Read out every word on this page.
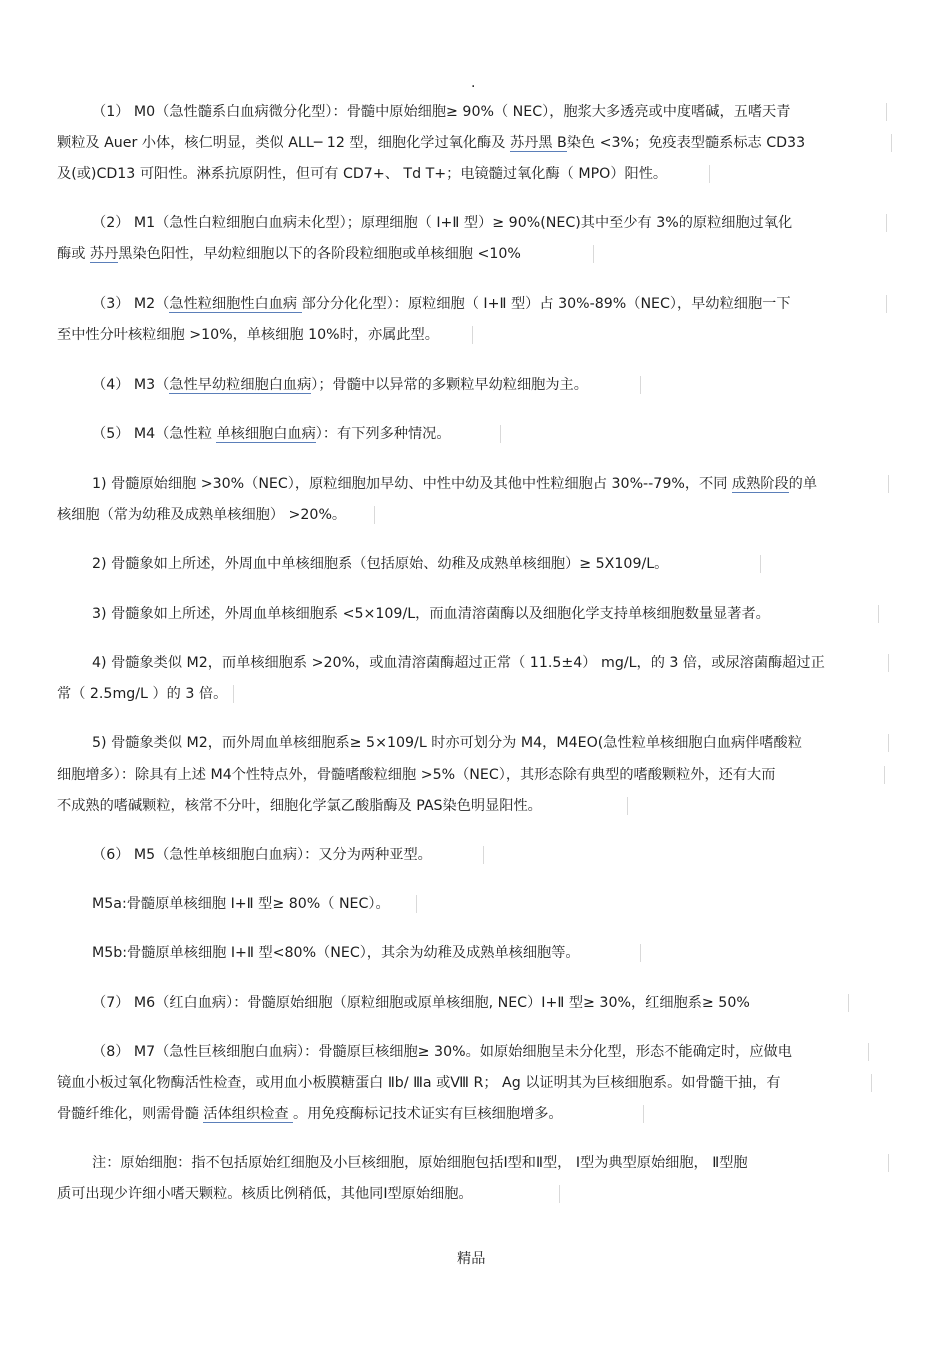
.
（1） M0（急性髓系白血病微分化型）：骨髓中原始细胞≥ 90%（ NEC），胞浆大多透亮或中度嗜碱，五嗜天青
颗粒及 Auer 小体，核仁明显，类似 ALL─ 12 型，细胞化学过氧化酶及 苏丹黑 B染色 <3%；免疫表型髓系标志 CD33
及(或)CD13 可阳性。淋系抗原阴性，但可有 CD7+、 Td T+；电镜髓过氧化酶（ MPO）阳性。
（2） M1（急性白粒细胞白血病未化型）；原理细胞（ Ⅰ+Ⅱ 型）≥ 90%(NEC)其中至少有 3%的原粒细胞过氧化
酶或 苏丹黑染色阳性，早幼粒细胞以下的各阶段粒细胞或单核细胞 <10%
（3） M2（急性粒细胞性白血病 部分分化化型）：原粒细胞（ Ⅰ+Ⅱ 型）占 30%-89%（NEC），早幼粒细胞一下
至中性分叶核粒细胞 >10%，单核细胞 10%时，亦属此型。
（4） M3（急性早幼粒细胞白血病）；骨髓中以异常的多颗粒早幼粒细胞为主。
（5） M4（急性粒 单核细胞白血病）：有下列多种情况。
1) 骨髓原始细胞 >30%（NEC），原粒细胞加早幼、中性中幼及其他中性粒细胞占 30%--79%，不同 成熟阶段的单
核细胞（常为幼稚及成熟单核细胞） >20%。
2) 骨髓象如上所述，外周血中单核细胞系（包括原始、幼稚及成熟单核细胞）≥ 5X109/L。
3) 骨髓象如上所述，外周血单核细胞系 <5×109/L，而血清溶菌酶以及细胞化学支持单核细胞数量显著者。
4) 骨髓象类似 M2，而单核细胞系 >20%，或血清溶菌酶超过正常（ 11.5±4） mg/L，的 3 倍，或尿溶菌酶超过正
常（ 2.5mg/L ）的 3 倍。
5) 骨髓象类似 M2，而外周血单核细胞系≥ 5×109/L 时亦可划分为 M4，M4EO(急性粒单核细胞白血病伴嗜酸粒
细胞增多）：除具有上述 M4个性特点外，骨髓嗜酸粒细胞 >5%（NEC），其形态除有典型的嗜酸颗粒外，还有大而
不成熟的嗜碱颗粒，核常不分叶，细胞化学氯乙酸脂酶及 PAS染色明显阳性。
（6） M5（急性单核细胞白血病）：又分为两种亚型。
M5a:骨髓原单核细胞 Ⅰ+Ⅱ 型≥ 80%（ NEC）。
M5b:骨髓原单核细胞 Ⅰ+Ⅱ 型<80%（NEC），其余为幼稚及成熟单核细胞等。
（7） M6（红白血病）：骨髓原始细胞（原粒细胞或原单核细胞, NEC）Ⅰ+Ⅱ 型≥ 30%，红细胞系≥ 50%
（8） M7（急性巨核细胞白血病）：骨髓原巨核细胞≥ 30%。如原始细胞呈未分化型，形态不能确定时，应做电
镜血小板过氧化物酶活性检查，或用血小板膜糖蛋白 Ⅱb/ Ⅲa 或Ⅷ R； Ag 以证明其为巨核细胞系。如骨髓干抽，有
骨髓纤维化，则需骨髓 活体组织检查 。用免疫酶标记技术证实有巨核细胞增多。
注：原始细胞：指不包括原始红细胞及小巨核细胞，原始细胞包括Ⅰ型和Ⅱ型， Ⅰ型为典型原始细胞， Ⅱ型胞
质可出现少许细小嗜天颗粒。核质比例稍低，其他同Ⅰ型原始细胞。
精品
